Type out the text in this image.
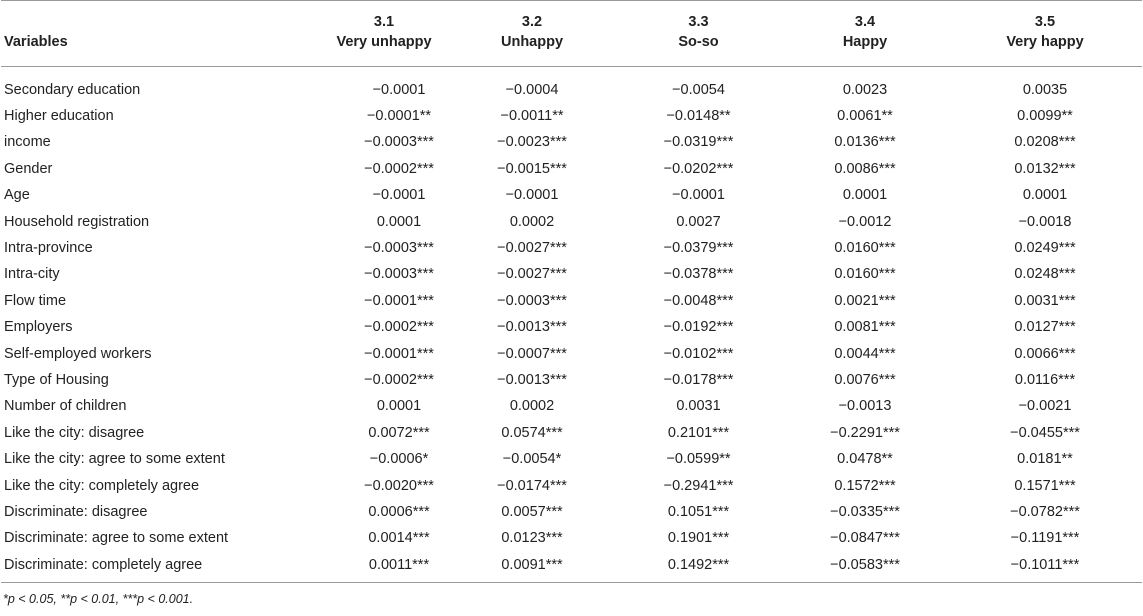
	3.1	3.2	3.3	3.4	3.5
Variables	Very unhappy	Unhappy	So-so	Happy	Very happy
Secondary education	−0.0001	−0.0004	−0.0054	0.0023	0.0035
Higher education	−0.0001**	−0.0011**	−0.0148**	0.0061**	0.0099**
income	−0.0003***	−0.0023***	−0.0319***	0.0136***	0.0208***
Gender	−0.0002***	−0.0015***	−0.0202***	0.0086***	0.0132***
Age	−0.0001	−0.0001	−0.0001	0.0001	0.0001
Household registration	0.0001	0.0002	0.0027	−0.0012	−0.0018
Intra-province	−0.0003***	−0.0027***	−0.0379***	0.0160***	0.0249***
Intra-city	−0.0003***	−0.0027***	−0.0378***	0.0160***	0.0248***
Flow time	−0.0001***	−0.0003***	−0.0048***	0.0021***	0.0031***
Employers	−0.0002***	−0.0013***	−0.0192***	0.0081***	0.0127***
Self-employed workers	−0.0001***	−0.0007***	−0.0102***	0.0044***	0.0066***
Type of Housing	−0.0002***	−0.0013***	−0.0178***	0.0076***	0.0116***
Number of children	0.0001	0.0002	0.0031	−0.0013	−0.0021
Like the city: disagree	0.0072***	0.0574***	0.2101***	−0.2291***	−0.0455***
Like the city: agree to some extent	−0.0006*	−0.0054*	−0.0599**	0.0478**	0.0181**
Like the city: completely agree	−0.0020***	−0.0174***	−0.2941***	0.1572***	0.1571***
Discriminate: disagree	0.0006***	0.0057***	0.1051***	−0.0335***	−0.0782***
Discriminate: agree to some extent	0.0014***	0.0123***	0.1901***	−0.0847***	−0.1191***
Discriminate: completely agree	0.0011***	0.0091***	0.1492***	−0.0583***	−0.1011***
*p < 0.05, **p < 0.01, ***p < 0.001.
